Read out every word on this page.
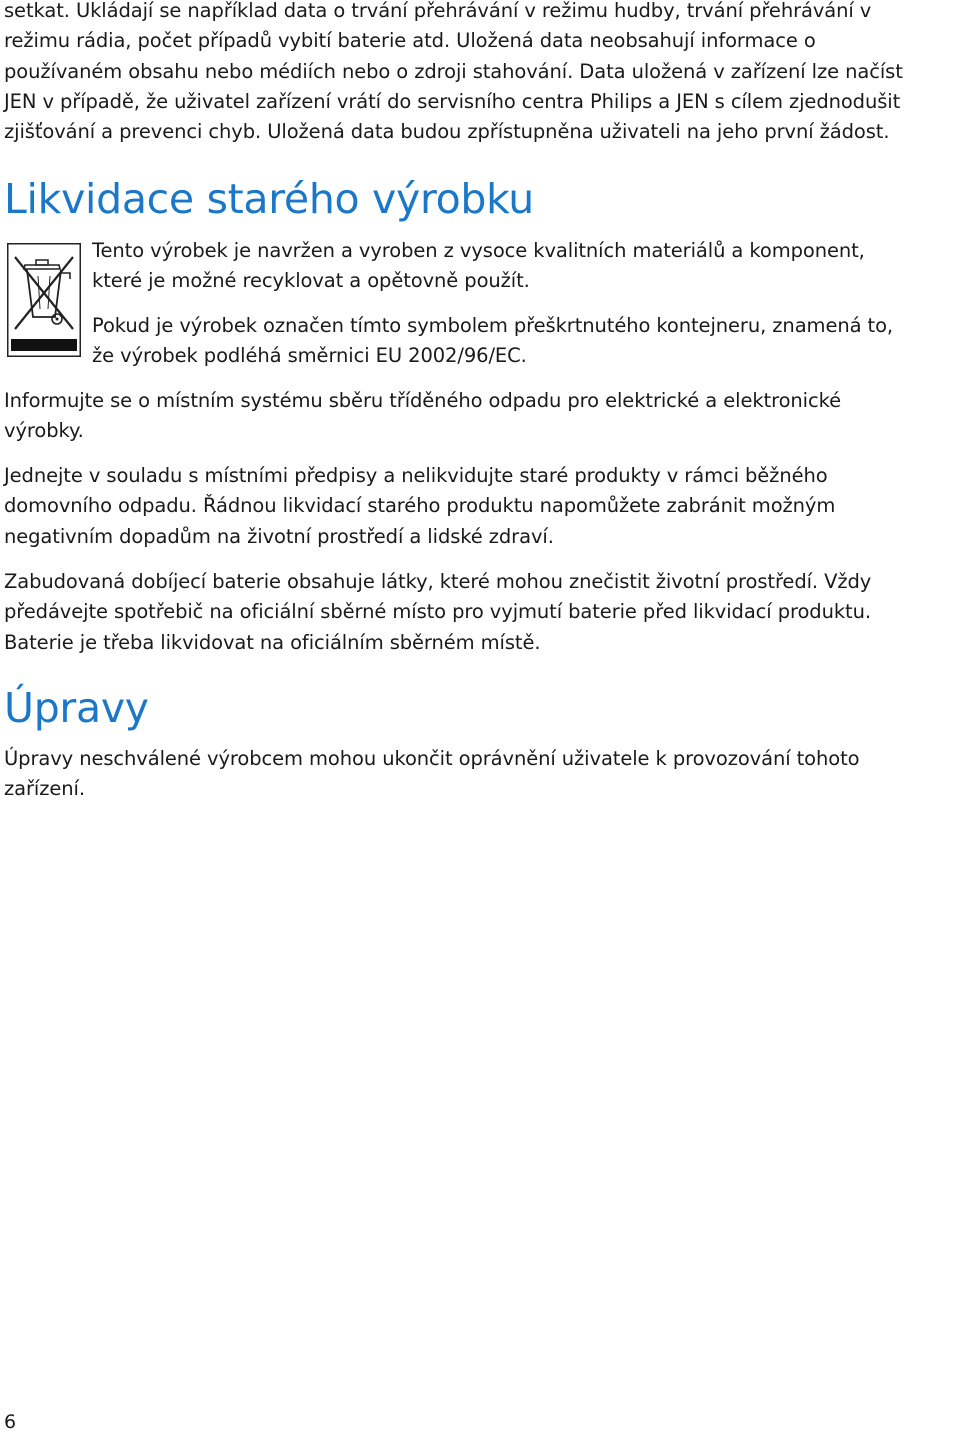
setkat. Ukládají se například data o trvání přehrávání v režimu hudby, trvání přehrávání v
režimu rádia, počet případů vybití baterie atd. Uložená data neobsahují informace o
používaném obsahu nebo médiích nebo o zdroji stahování. Data uložená v zařízení lze načíst
JEN v případě, že uživatel zařízení vrátí do servisního centra Philips a JEN s cílem zjednodušit
zjišťování a prevenci chyb. Uložená data budou zpřístupněna uživateli na jeho první žádost.
Likvidace starého výrobku
Tento výrobek je navržen a vyroben z vysoce kvalitních materiálů a komponent,
které je možné recyklovat a opětovně použít.
Pokud je výrobek označen tímto symbolem přeškrtnutého kontejneru, znamená to,
že výrobek podléhá směrnici EU 2002/96/EC.
Informujte se o místním systému sběru tříděného odpadu pro elektrické a elektronické
výrobky.
Jednejte v souladu s místními předpisy a nelikvidujte staré produkty v rámci běžného
domovního odpadu. Řádnou likvidací starého produktu napomůžete zabránit možným
negativním dopadům na životní prostředí a lidské zdraví.
Zabudovaná dobíjecí baterie obsahuje látky, které mohou znečistit životní prostředí. Vždy
předávejte spotřebič na oficiální sběrné místo pro vyjmutí baterie před likvidací produktu.
Baterie je třeba likvidovat na oficiálním sběrném místě.
Úpravy
Úpravy neschválené výrobcem mohou ukončit oprávnění uživatele k provozování tohoto
zařízení.
6
